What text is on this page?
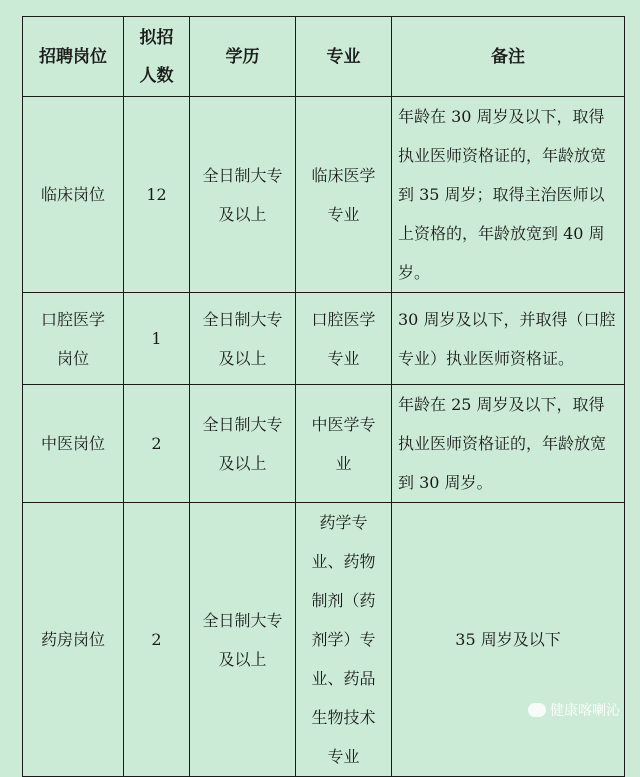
招聘岗位	拟招人数	学历	专业	备注
临床岗位	12	全日制大专及以上	临床医学专业	年龄在 30 周岁及以下，取得执业医师资格证的，年龄放宽到 35 周岁；取得主治医师以上资格的，年龄放宽到 40 周岁。
口腔医学岗位	1	全日制大专及以上	口腔医学专业	30 周岁及以下，并取得（口腔专业）执业医师资格证。
中医岗位	2	全日制大专及以上	中医学专业	年龄在 25 周岁及以下，取得执业医师资格证的，年龄放宽到 30 周岁。
药房岗位	2	全日制大专及以上	药学专业、药物制剂（药剂学）专业、药品生物技术专业	35 周岁及以下
健康喀喇沁
